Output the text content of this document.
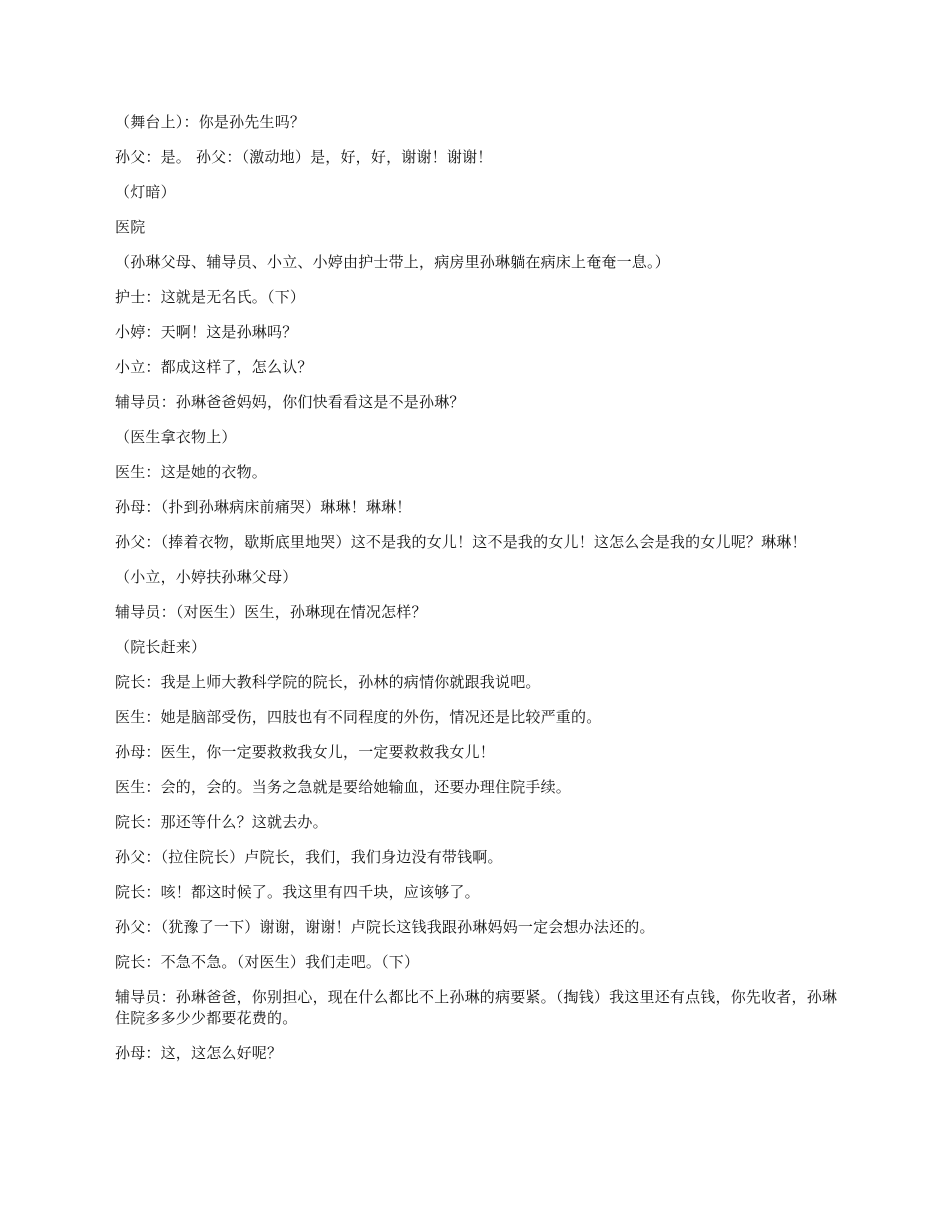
（舞台上）：你是孙先生吗？

孙父：是。 孙父：（激动地）是，好，好，谢谢！谢谢！

（灯暗）

医院

（孙琳父母、辅导员、小立、小婷由护士带上，病房里孙琳躺在病床上奄奄一息。）

护士：这就是无名氏。（下）

小婷：天啊！这是孙琳吗？

小立：都成这样了，怎么认？

辅导员：孙琳爸爸妈妈，你们快看看这是不是孙琳？

（医生拿衣物上）

医生：这是她的衣物。

孙母：（扑到孙琳病床前痛哭）琳琳！琳琳！

孙父：（捧着衣物，歇斯底里地哭）这不是我的女儿！这不是我的女儿！这怎么会是我的女儿呢？琳琳！

（小立，小婷扶孙琳父母）

辅导员：（对医生）医生，孙琳现在情况怎样？

（院长赶来）

院长：我是上师大教科学院的院长，孙林的病情你就跟我说吧。

医生：她是脑部受伤，四肢也有不同程度的外伤，情况还是比较严重的。

孙母：医生，你一定要救救我女儿，一定要救救我女儿！

医生：会的，会的。当务之急就是要给她输血，还要办理住院手续。

院长：那还等什么？这就去办。

孙父：（拉住院长）卢院长，我们，我们身边没有带钱啊。

院长：咳！都这时候了。我这里有四千块，应该够了。

孙父：（犹豫了一下）谢谢，谢谢！卢院长这钱我跟孙琳妈妈一定会想办法还的。

院长：不急不急。（对医生）我们走吧。（下）

辅导员：孙琳爸爸，你别担心，现在什么都比不上孙琳的病要紧。（掏钱）我这里还有点钱，你先收者，孙琳住院多多少少都要花费的。

孙母：这，这怎么好呢？
